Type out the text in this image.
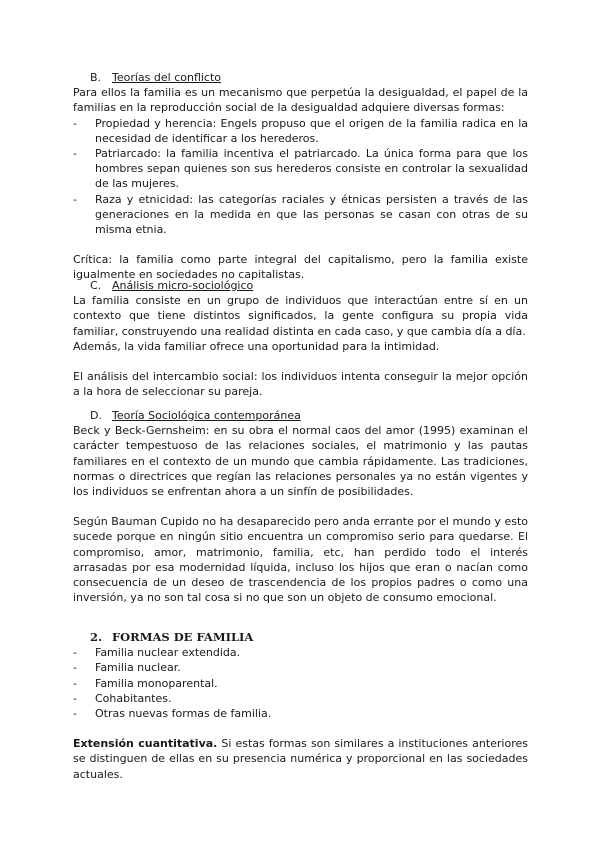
B. Teorías del conflicto

Para ellos la familia es un mecanismo que perpetúa la desigualdad, el papel de la familias en la reproducción social de la desigualdad adquiere diversas formas:

- Propiedad y herencia: Engels propuso que el origen de la familia radica en la necesidad de identificar a los herederos.
- Patriarcado: la familia incentiva el patriarcado. La única forma para que los hombres sepan quienes son sus herederos consiste en controlar la sexualidad de las mujeres.
- Raza y etnicidad: las categorías raciales y étnicas persisten a través de las generaciones en la medida en que las personas se casan con otras de su misma etnia.

Crítica: la familia como parte integral del capitalismo, pero la familia existe igualmente en sociedades no capitalistas.

C. Análisis micro-sociológico

La familia consiste en un grupo de individuos que interactúan entre sí en un contexto que tiene distintos significados, la gente configura su propia vida familiar, construyendo una realidad distinta en cada caso, y que cambia día a día.

Además, la vida familiar ofrece una oportunidad para la intimidad.

El análisis del intercambio social: los individuos intenta conseguir la mejor opción a la hora de seleccionar su pareja.

D. Teoría Sociológica contemporánea

Beck y Beck-Gernsheim: en su obra el normal caos del amor (1995) examinan el carácter tempestuoso de las relaciones sociales, el matrimonio y las pautas familiares en el contexto de un mundo que cambia rápidamente. Las tradiciones, normas o directrices que regían las relaciones personales ya no están vigentes y los individuos se enfrentan ahora a un sinfín de posibilidades.

Según Bauman Cupido no ha desaparecido pero anda errante por el mundo y esto sucede porque en ningún sitio encuentra un compromiso serio para quedarse. El compromiso, amor, matrimonio, familia, etc, han perdido todo el interés arrasadas por esa modernidad líquida, incluso los hijos que eran o nacían como consecuencia de un deseo de trascendencia de los propios padres o como una inversión, ya no son tal cosa si no que son un objeto de consumo emocional.

2. FORMAS DE FAMILIA

- Familia nuclear extendida.
- Familia nuclear.
- Familia monoparental.
- Cohabitantes.
- Otras nuevas formas de familia.

Extensión cuantitativa. Si estas formas son similares a instituciones anteriores se distinguen de ellas en su presencia numérica y proporcional en las sociedades actuales.
